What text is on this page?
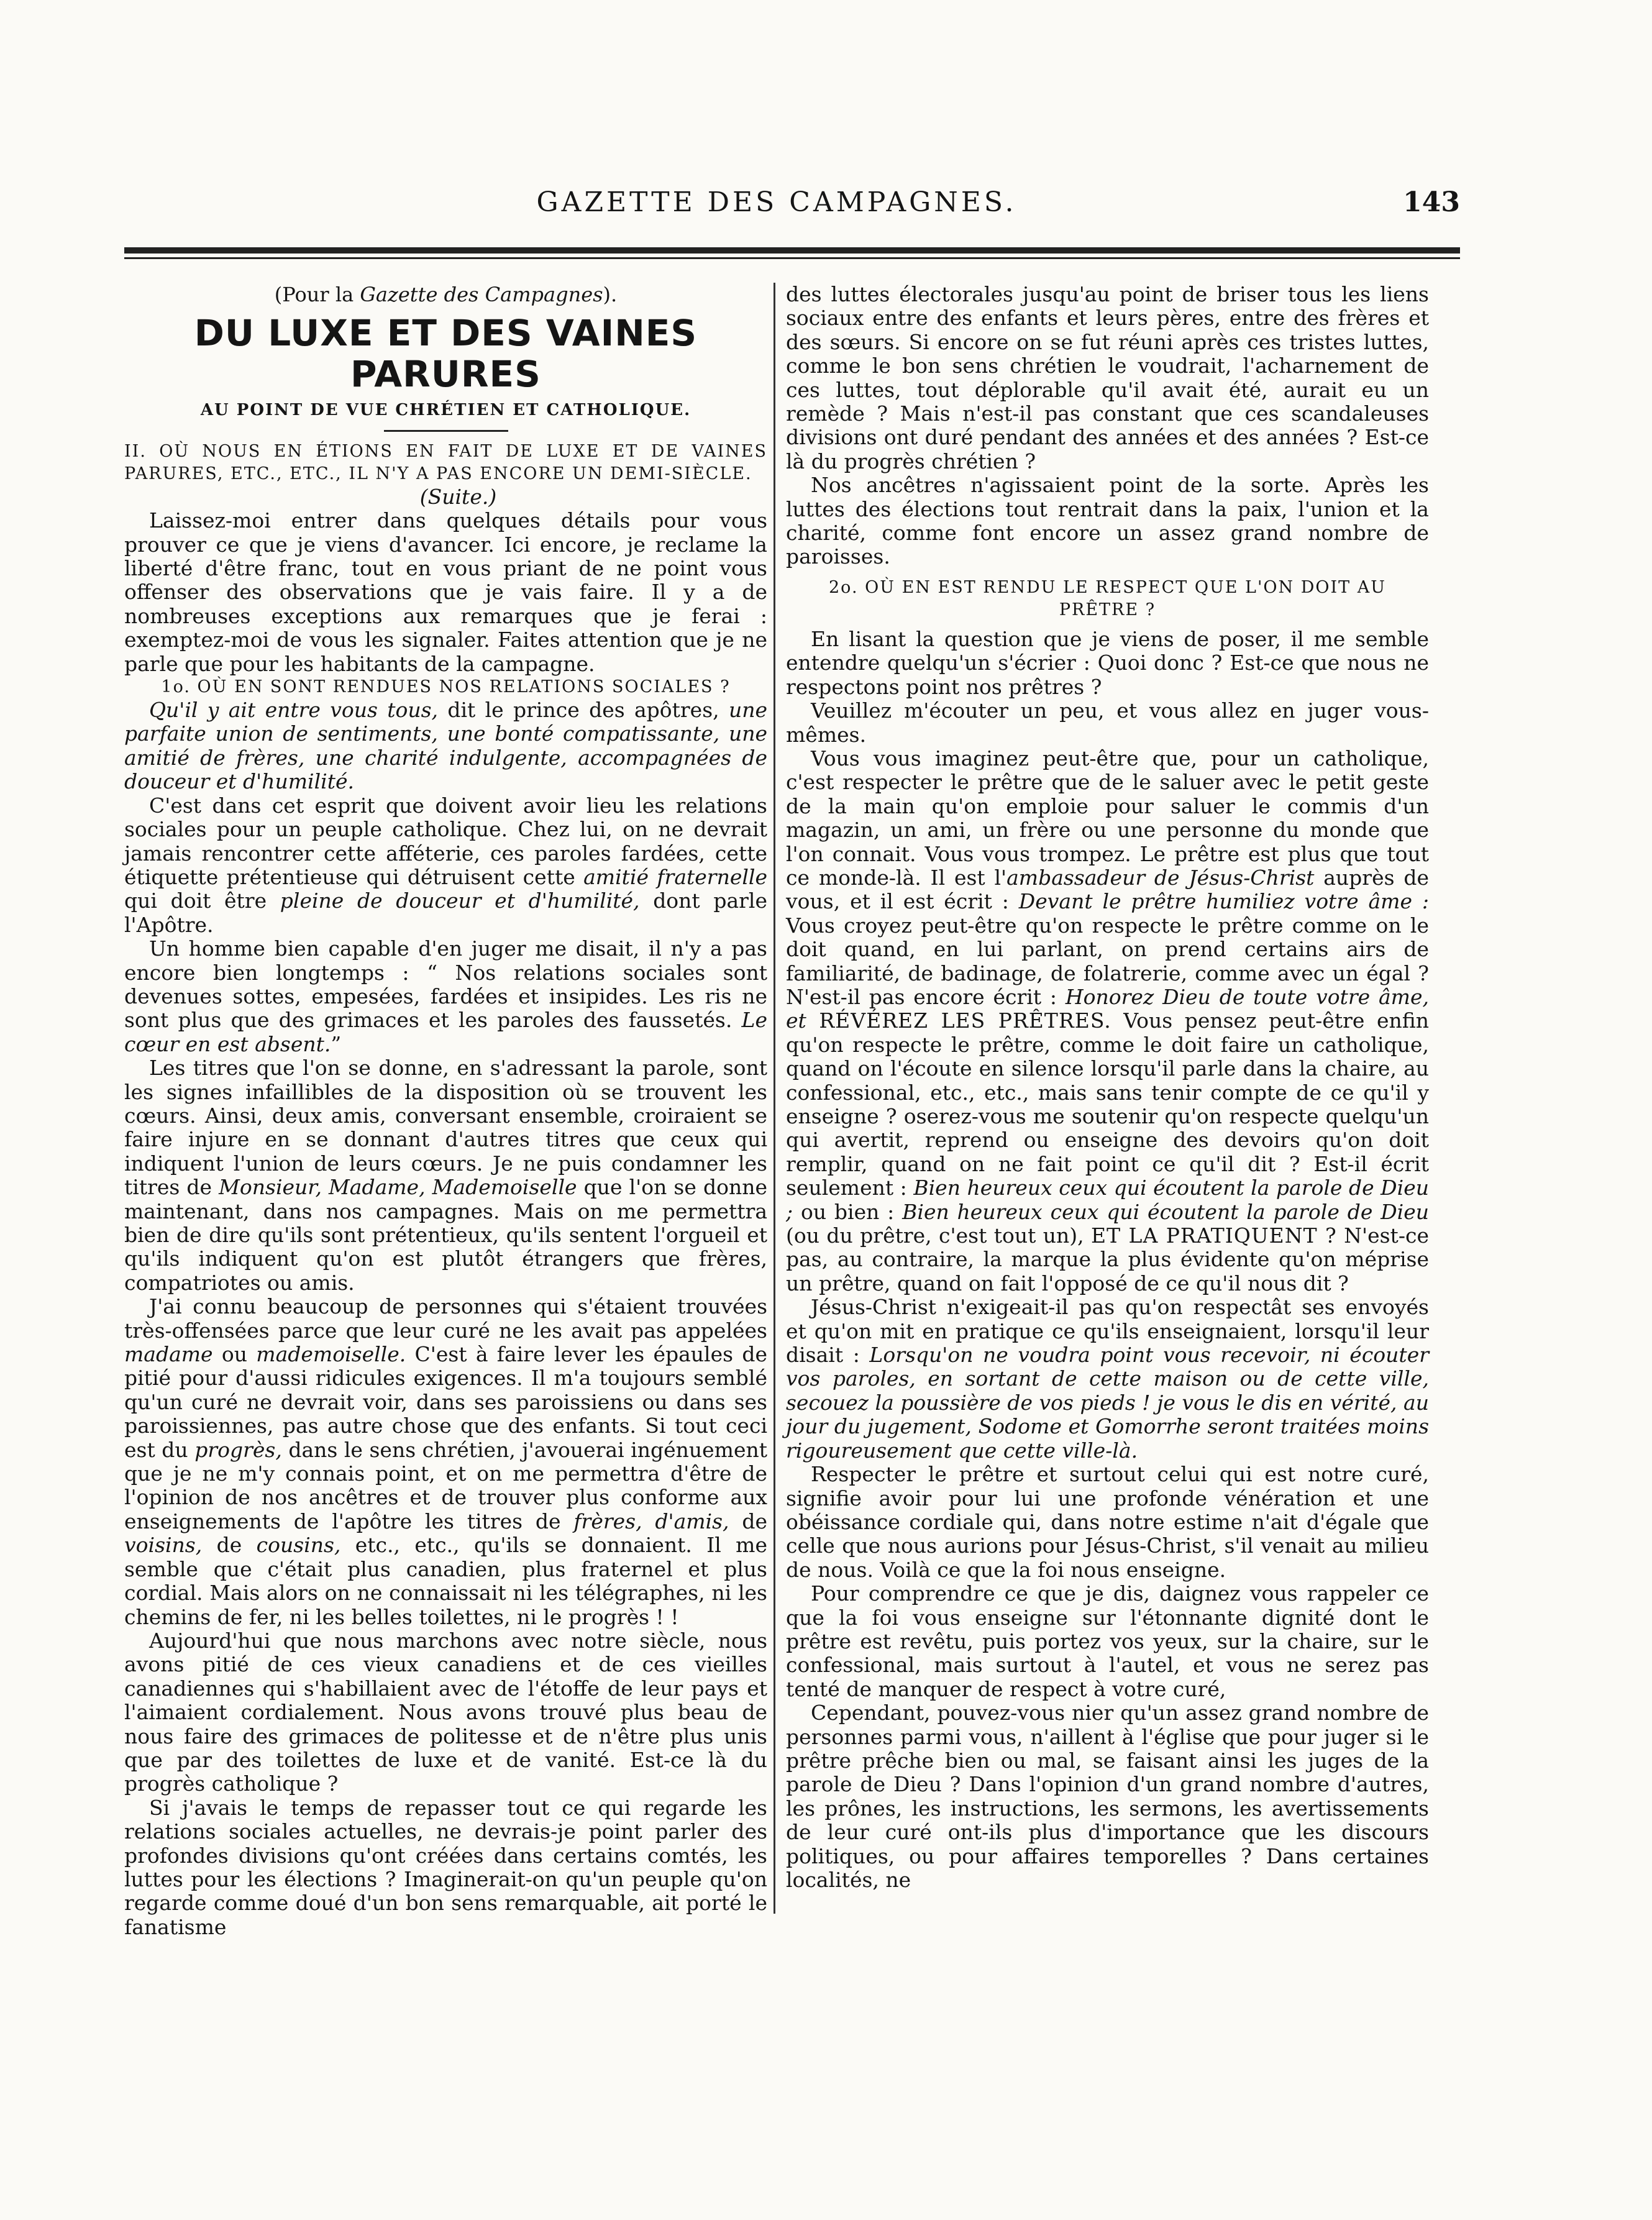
GAZETTE DES CAMPAGNES.	143
(Pour la Gazette des Campagnes).
DU LUXE ET DES VAINES PARURES
AU POINT DE VUE CHRÉTIEN ET CATHOLIQUE.

II. OÙ NOUS EN ÉTIONS EN FAIT DE LUXE ET DE VAINES PARURES, ETC., ETC., IL N'Y A PAS ENCORE UN DEMI-SIÈCLE.

(Suite.)

Laissez-moi entrer dans quelques détails pour vous prouver ce que je viens d'avancer. Ici encore, je reclame la liberté d'être franc, tout en vous priant de ne point vous offenser des observations que je vais faire. Il y a de nombreuses exceptions aux remarques que je ferai : exemptez-moi de vous les signaler. Faites attention que je ne parle que pour les habitants de la campagne.

1o. OÙ EN SONT RENDUES NOS RELATIONS SOCIALES ?

Qu'il y ait entre vous tous, dit le prince des apôtres, une parfaite union de sentiments, une bonté compatissante, une amitié de frères, une charité indulgente, accompagnées de douceur et d'humilité.

C'est dans cet esprit que doivent avoir lieu les relations sociales pour un peuple catholique. Chez lui, on ne devrait jamais rencontrer cette afféterie, ces paroles fardées, cette étiquette prétentieuse qui détruisent cette amitié fraternelle qui doit être pleine de douceur et d'humilité, dont parle l'Apôtre.

Un homme bien capable d'en juger me disait, il n'y a pas encore bien longtemps : “ Nos relations sociales sont devenues sottes, empesées, fardées et insipides. Les ris ne sont plus que des grimaces et les paroles des faussetés. Le cœur en est absent.”

Les titres que l'on se donne, en s'adressant la parole, sont les signes infaillibles de la disposition où se trouvent les cœurs. Ainsi, deux amis, conversant ensemble, croiraient se faire injure en se donnant d'autres titres que ceux qui indiquent l'union de leurs cœurs. Je ne puis condamner les titres de Monsieur, Madame, Mademoiselle que l'on se donne maintenant, dans nos campagnes. Mais on me permettra bien de dire qu'ils sont prétentieux, qu'ils sentent l'orgueil et qu'ils indiquent qu'on est plutôt étrangers que frères, compatriotes ou amis.

J'ai connu beaucoup de personnes qui s'étaient trouvées très-offensées parce que leur curé ne les avait pas appelées madame ou mademoiselle. C'est à faire lever les épaules de pitié pour d'aussi ridicules exigences. Il m'a toujours semblé qu'un curé ne devrait voir, dans ses paroissiens ou dans ses paroissiennes, pas autre chose que des enfants. Si tout ceci est du progrès, dans le sens chrétien, j'avouerai ingénuement que je ne m'y connais point, et on me permettra d'être de l'opinion de nos ancêtres et de trouver plus conforme aux enseignements de l'apôtre les titres de frères, d'amis, de voisins, de cousins, etc., etc., qu'ils se donnaient. Il me semble que c'était plus canadien, plus fraternel et plus cordial. Mais alors on ne connaissait ni les télégraphes, ni les chemins de fer, ni les belles toilettes, ni le progrès ! !

Aujourd'hui que nous marchons avec notre siècle, nous avons pitié de ces vieux canadiens et de ces vieilles canadiennes qui s'habillaient avec de l'étoffe de leur pays et l'aimaient cordialement. Nous avons trouvé plus beau de nous faire des grimaces de politesse et de n'être plus unis que par des toilettes de luxe et de vanité. Est-ce là du progrès catholique ?

Si j'avais le temps de repasser tout ce qui regarde les relations sociales actuelles, ne devrais-je point parler des profondes divisions qu'ont créées dans certains comtés, les luttes pour les élections ? Imaginerait-on qu'un peuple qu'on regarde comme doué d'un bon sens remarquable, ait porté le fanatisme

des luttes électorales jusqu'au point de briser tous les liens sociaux entre des enfants et leurs pères, entre des frères et des sœurs. Si encore on se fut réuni après ces tristes luttes, comme le bon sens chrétien le voudrait, l'acharnement de ces luttes, tout déplorable qu'il avait été, aurait eu un remède ? Mais n'est-il pas constant que ces scandaleuses divisions ont duré pendant des années et des années ? Est-ce là du progrès chrétien ?

Nos ancêtres n'agissaient point de la sorte. Après les luttes des élections tout rentrait dans la paix, l'union et la charité, comme font encore un assez grand nombre de paroisses.

2o. OÙ EN EST RENDU LE RESPECT QUE L'ON DOIT AU PRÊTRE ?

En lisant la question que je viens de poser, il me semble entendre quelqu'un s'écrier : Quoi donc ? Est-ce que nous ne respectons point nos prêtres ?

Veuillez m'écouter un peu, et vous allez en juger vous-mêmes.

Vous vous imaginez peut-être que, pour un catholique, c'est respecter le prêtre que de le saluer avec le petit geste de la main qu'on emploie pour saluer le commis d'un magazin, un ami, un frère ou une personne du monde que l'on connait. Vous vous trompez. Le prêtre est plus que tout ce monde-là. Il est l'ambassadeur de Jésus-Christ auprès de vous, et il est écrit : Devant le prêtre humiliez votre âme : Vous croyez peut-être qu'on respecte le prêtre comme on le doit quand, en lui parlant, on prend certains airs de familiarité, de badinage, de folatrerie, comme avec un égal ? N'est-il pas encore écrit : Honorez Dieu de toute votre âme, et RÉVÉREZ LES PRÊTRES. Vous pensez peut-être enfin qu'on respecte le prêtre, comme le doit faire un catholique, quand on l'écoute en silence lorsqu'il parle dans la chaire, au confessional, etc., etc., mais sans tenir compte de ce qu'il y enseigne ? oserez-vous me soutenir qu'on respecte quelqu'un qui avertit, reprend ou enseigne des devoirs qu'on doit remplir, quand on ne fait point ce qu'il dit ? Est-il écrit seulement : Bien heureux ceux qui écoutent la parole de Dieu ; ou bien : Bien heureux ceux qui écoutent la parole de Dieu (ou du prêtre, c'est tout un), ET LA PRATIQUENT ? N'est-ce pas, au contraire, la marque la plus évidente qu'on méprise un prêtre, quand on fait l'opposé de ce qu'il nous dit ?

Jésus-Christ n'exigeait-il pas qu'on respectât ses envoyés et qu'on mit en pratique ce qu'ils enseignaient, lorsqu'il leur disait : Lorsqu'on ne voudra point vous recevoir, ni écouter vos paroles, en sortant de cette maison ou de cette ville, secouez la poussière de vos pieds ! je vous le dis en vérité, au jour du jugement, Sodome et Gomorrhe seront traitées moins rigoureusement que cette ville-là.

Respecter le prêtre et surtout celui qui est notre curé, signifie avoir pour lui une profonde vénération et une obéissance cordiale qui, dans notre estime n'ait d'égale que celle que nous aurions pour Jésus-Christ, s'il venait au milieu de nous. Voilà ce que la foi nous enseigne.

Pour comprendre ce que je dis, daignez vous rappeler ce que la foi vous enseigne sur l'étonnante dignité dont le prêtre est revêtu, puis portez vos yeux, sur la chaire, sur le confessional, mais surtout à l'autel, et vous ne serez pas tenté de manquer de respect à votre curé,

Cependant, pouvez-vous nier qu'un assez grand nombre de personnes parmi vous, n'aillent à l'église que pour juger si le prêtre prêche bien ou mal, se faisant ainsi les juges de la parole de Dieu ? Dans l'opinion d'un grand nombre d'autres, les prônes, les instructions, les sermons, les avertissements de leur curé ont-ils plus d'importance que les discours politiques, ou pour affaires temporelles ? Dans certaines localités, ne
